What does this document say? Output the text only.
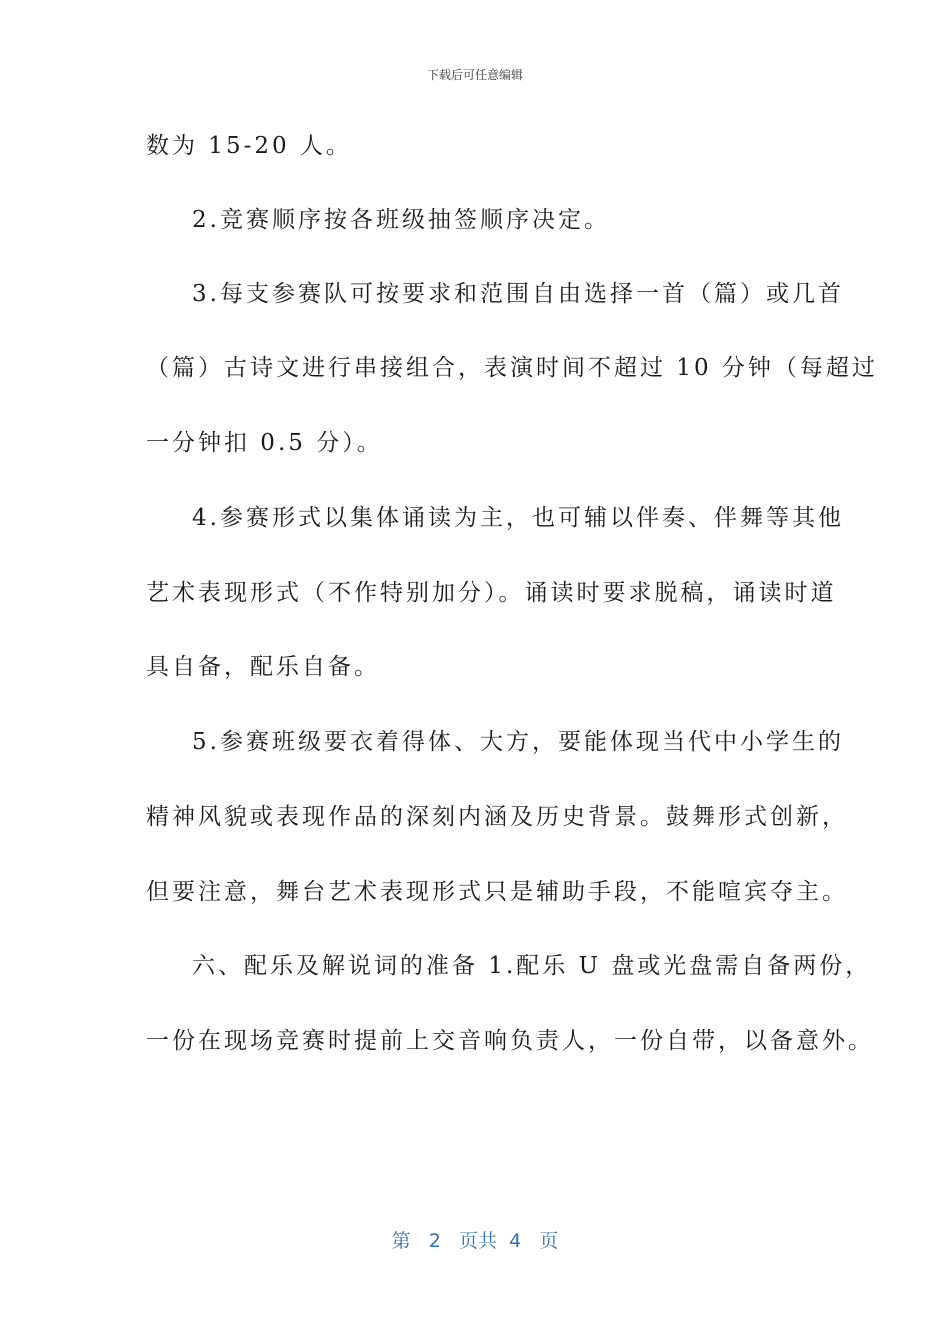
下载后可任意编辑
数为 15-20 人。
2.竞赛顺序按各班级抽签顺序决定。
3.每支参赛队可按要求和范围自由选择一首（篇）或几首
（篇）古诗文进行串接组合，表演时间不超过 10 分钟（每超过
一分钟扣 0.5 分）。
4.参赛形式以集体诵读为主，也可辅以伴奏、伴舞等其他
艺术表现形式（不作特别加分）。诵读时要求脱稿，诵读时道
具自备，配乐自备。
5.参赛班级要衣着得体、大方，要能体现当代中小学生的
精神风貌或表现作品的深刻内涵及历史背景。鼓舞形式创新，
但要注意，舞台艺术表现形式只是辅助手段，不能喧宾夺主。
六、配乐及解说词的准备 1.配乐 U 盘或光盘需自备两份，
一份在现场竞赛时提前上交音响负责人，一份自带，以备意外。
第 2 页共 4 页
